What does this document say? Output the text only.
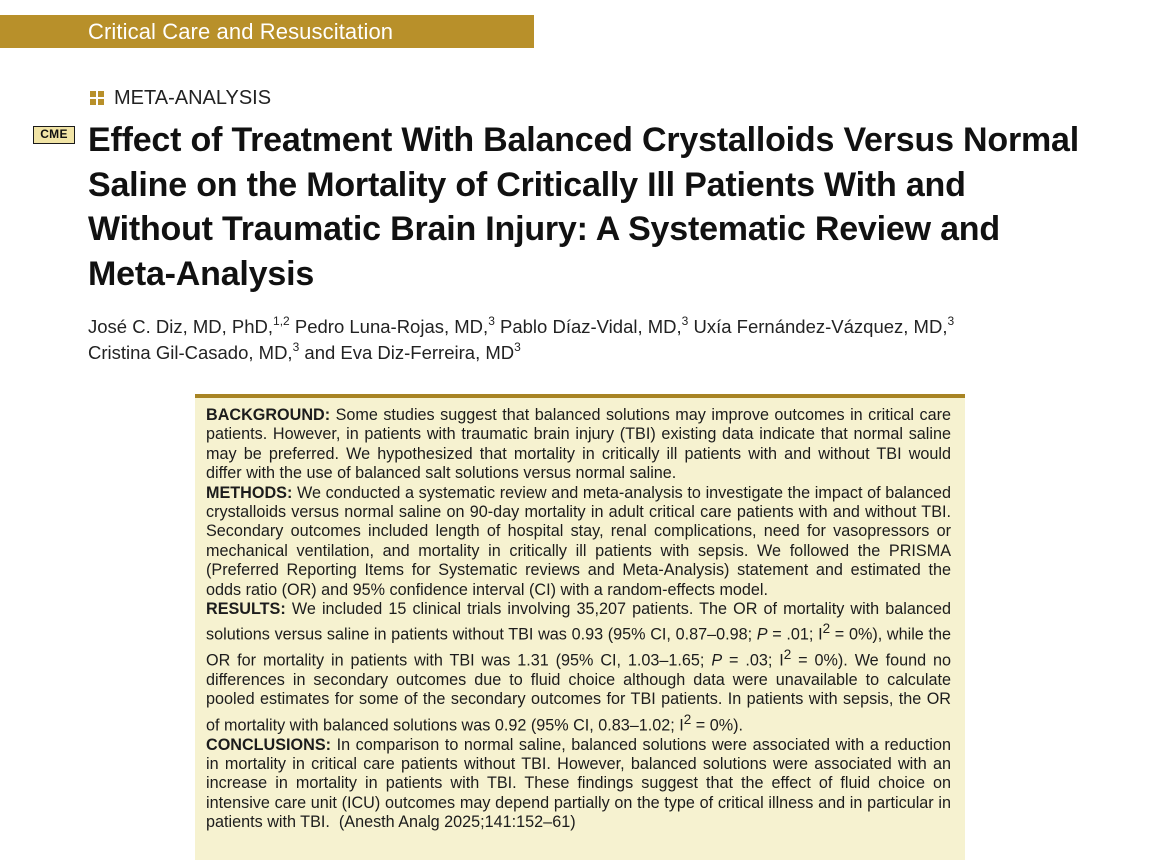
Critical Care and Resuscitation
META-ANALYSIS
CME Effect of Treatment With Balanced Crystalloids Versus Normal Saline on the Mortality of Critically Ill Patients With and Without Traumatic Brain Injury: A Systematic Review and Meta-Analysis
José C. Diz, MD, PhD,$^{1,2}$ Pedro Luna-Rojas, MD,$^3$ Pablo Díaz-Vidal, MD,$^3$ Uxía Fernández-Vázquez, MD,$^3$
Cristina Gil-Casado, MD,$^3$ and Eva Diz-Ferreira, $MD^3$

BACKGROUND: Some studies suggest that balanced solutions may improve outcomes in critical care patients. However, in patients with traumatic brain injury (TBI) existing data indicate that normal saline may be preferred. We hypothesized that mortality in critically ill patients with and without TBI would differ with the use of balanced salt solutions versus normal saline.

METHODS: We conducted a systematic review and meta-analysis to investigate the impact of balanced crystalloids versus normal saline on 90-day mortality in adult critical care patients with and without TBI. Secondary outcomes included length of hospital stay, renal complications, need for vasopressors or mechanical ventilation, and mortality in critically ill patients with sepsis. We followed the PRISMA (Preferred Reporting Items for Systematic reviews and Meta-Analysis) statement and estimated the odds ratio (OR) and 95% confidence interval (CI) with a random-effects model.

RESULTS: We included 15 clinical trials involving 35,207 patients. The OR of mortality with balanced solutions versus saline in patients without TBI was 0.93 (95% CI, 0.87–0.98; P = .01; $I^2 = 0\%$), while the OR for mortality in patients with TBI was 1.31 (95% CI, 1.03–1.65; P = .03; $I^2 = 0\%$). We found no differences in secondary outcomes due to fluid choice although data were unavailable to calculate pooled estimates for some of the secondary outcomes for TBI patients. In patients with sepsis, the OR of mortality with balanced solutions was 0.92 (95% CI, 0.83–1.02; $I^2 = 0\%$).

CONCLUSIONS: In comparison to normal saline, balanced solutions were associated with a reduction in mortality in critical care patients without TBI. However, balanced solutions were associated with an increase in mortality in patients with TBI. These findings suggest that the effect of fluid choice on intensive care unit (ICU) outcomes may depend partially on the type of critical illness and in particular in patients with TBI. (Anesth Analg 2025;141:152–61)
